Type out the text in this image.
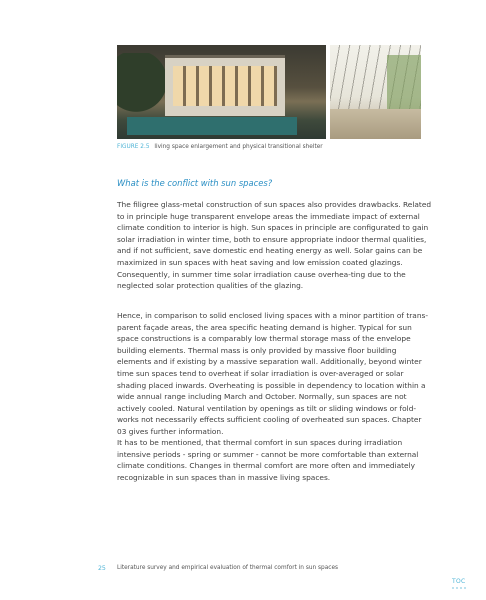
FIGURE 2.5 living space enlargement and physical transitional shelter
What is the conflict with sun spaces?
The filigree glass-metal construction of sun spaces also provides drawbacks. Related to in principle huge transparent envelope areas the immediate impact of external climate condition to interior is high. Sun spaces in principle are configurated to gain solar irradiation in winter time, both to ensure appropriate indoor thermal qualities, and if not sufficient, save domestic end heating energy as well. Solar gains can be maximized in sun spaces with heat saving and low emission coated glazings. Consequently, in summer time solar irradiation cause overhea-ting due to the neglected solar protection qualities of the glazing.
Hence, in comparison to solid enclosed living spaces with a minor partition of transparent façade areas, the area specific heating demand is higher. Typical for sun space constructions is a comparably low thermal storage mass of the envelope building elements. Thermal mass is only provided by massive floor building elements and if existing by a massive separation wall. Additionally, beyond winter time sun spaces tend to overheat if solar irradiation is over-averaged or solar shading placed inwards. Overheating is possible in dependency to location within a wide annual range including March and October. Normally, sun spaces are not actively cooled. Natural ventilation by openings as tilt or sliding windows or fold-works not necessarily effects sufficient cooling of overheated sun spaces. Chapter 03 gives further information.
It has to be mentioned, that thermal comfort in sun spaces during irradiation intensive periods - spring or summer - cannot be more comfortable than external climate conditions. Changes in thermal comfort are more often and immediately recognizable in sun spaces than in massive living spaces.
25 Literature survey and empirical evaluation of thermal comfort in sun spaces
TOC
